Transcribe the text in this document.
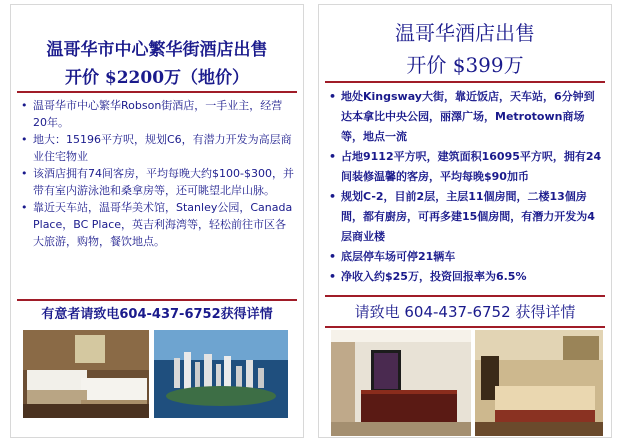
温哥华市中心繁华街酒店出售
开价 $2200万（地价）
• 温哥华市中心繁华Robson街酒店，一手业主，经营20年。
• 地大：15196平方呎，规划C6，有潜力开发为高层商业住宅物业
• 该酒店拥有74间客房，平均每晚大约$100-$300，并带有室内游泳池和桑拿房等，还可眺望北岸山脉。
• 靠近天车站，温哥华美术馆，Stanley公园，Canada Place，BC Place，英吉利海湾等，轻松前往市区各大旅游，购物，餐饮地点。
有意者请致电604-437-6752获得详情
温哥华酒店出售
开价 $399万
• 地处Kingsway大街，靠近饭店，天车站，6分钟到达本拿比中央公园，丽澤广场，Metrotown商场等，地点一流
• 占地9112平方呎，建筑面积16095平方呎，拥有24间装修温馨的客房，平均每晚$90加币
• 规划C-2，目前2层，主层11個房間，二楼13個房間，都有廚房，可再多建15個房間，有潛力开发为4层商业楼
• 底层停车场可停21辆车
• 净收入约$25万，投资回报率为6.5%
请致电 604-437-6752 获得详情
